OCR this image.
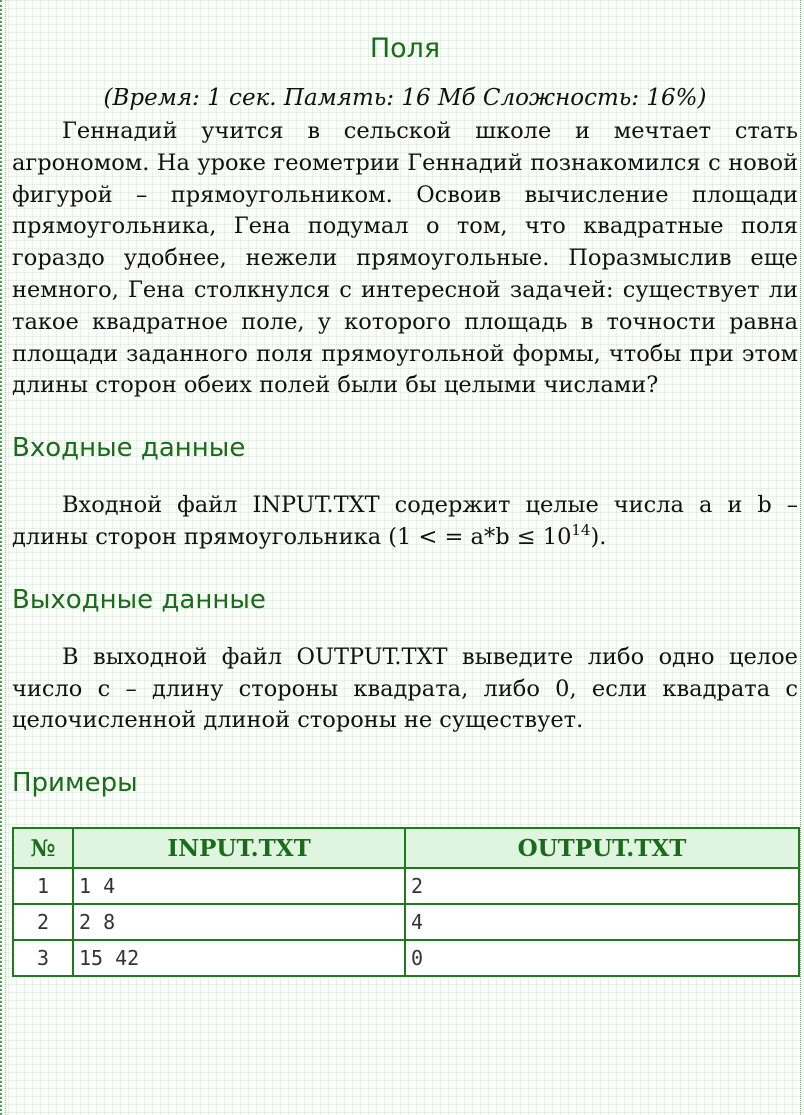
Поля
(Время: 1 сек. Память: 16 Мб Сложность: 16%)

Геннадий учится в сельской школе и мечтает стать агрономом. На уроке геометрии Геннадий познакомился с новой фигурой – прямоугольником. Освоив вычисление площади прямоугольника, Гена подумал о том, что квадратные поля гораздо удобнее, нежели прямоугольные. Поразмыслив еще немного, Гена столкнулся с интересной задачей: существует ли такое квадратное поле, у которого площадь в точности равна площади заданного поля прямоугольной формы, чтобы при этом длины сторон обеих полей были бы целыми числами?

Входные данные

Входной файл INPUT.TXT содержит целые числа a и b – длины сторон прямоугольника (1 < = $a*b \le 10^{14}$).

Выходные данные

В выходной файл OUTPUT.TXT выведите либо одно целое число c – длину стороны квадрата, либо 0, если квадрата с целочисленной длиной стороны не существует.

Примеры
№	INPUT.TXT	OUTPUT.TXT
1	1 4	2
2	2 8	4
3	15 42	0
